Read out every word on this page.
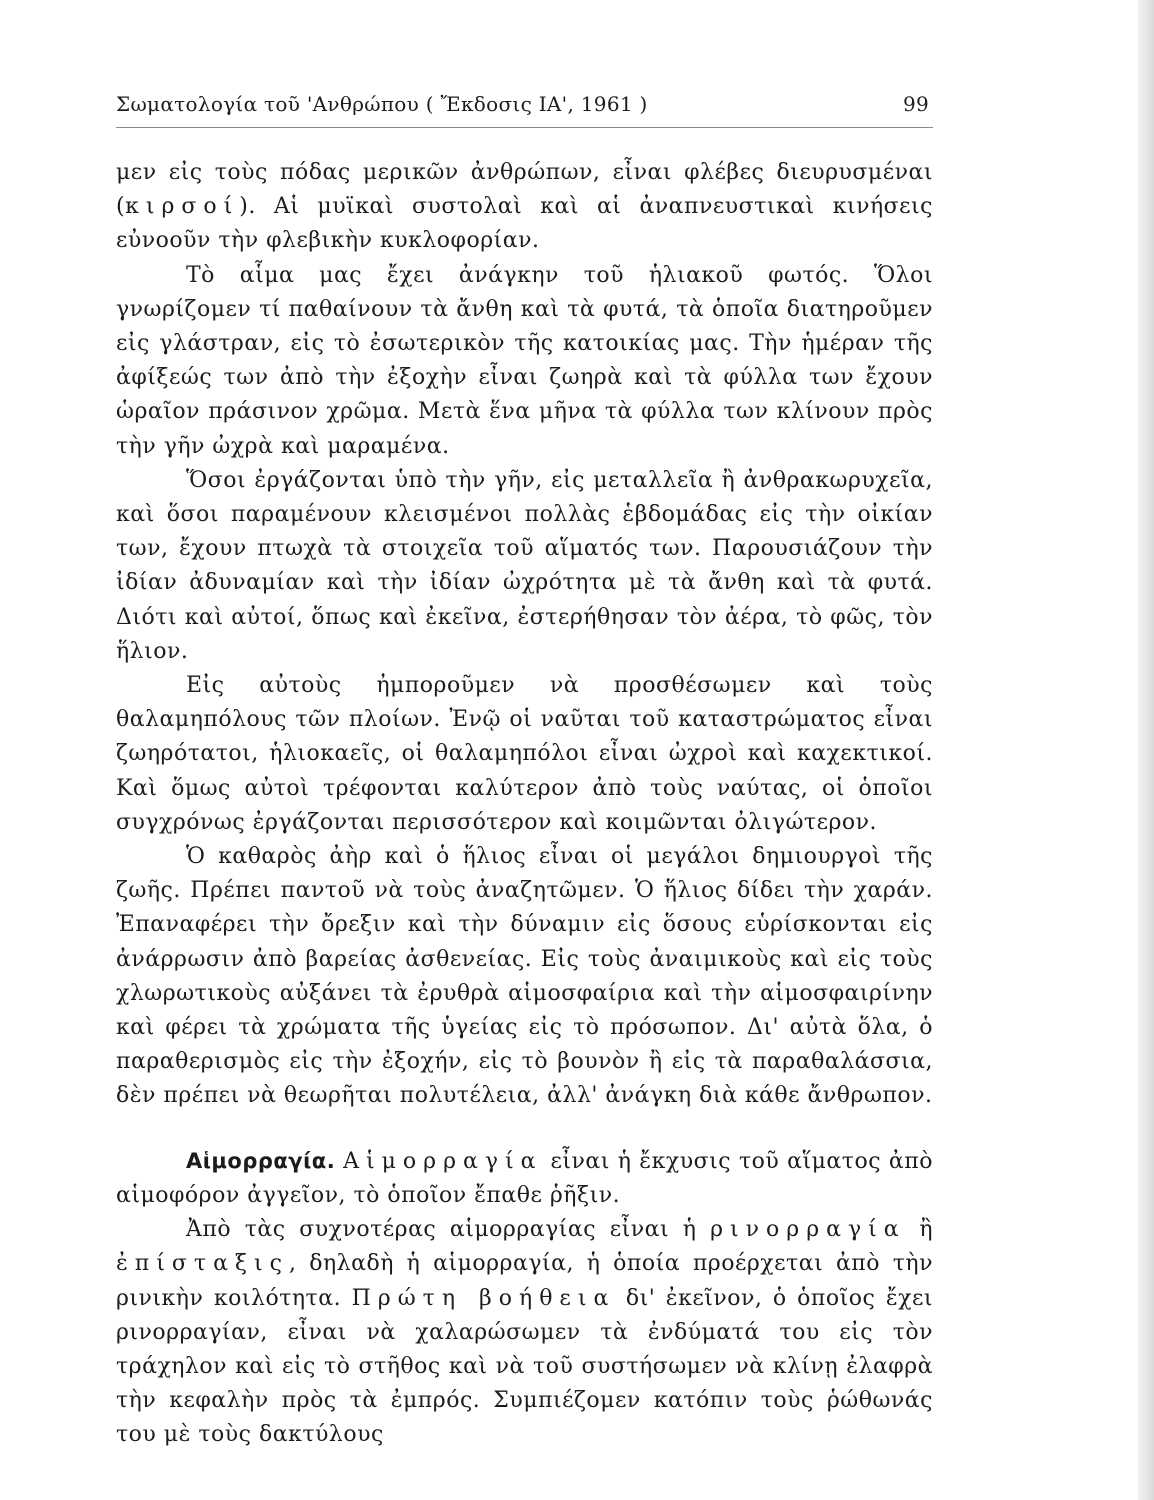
Σωματολογία τοῦ 'Ανθρώπου ( Ἔκδοσις ΙΑ', 1961 )	99

μεν εἰς τοὺς πόδας μερικῶν ἀνθρώπων, εἶναι φλέβες διευρυσμέναι (κιρσοί). Αἱ μυϊκαὶ συστολαὶ καὶ αἱ ἀναπνευστικαὶ κινήσεις εὐνοοῦν τὴν φλεβικὴν κυκλοφορίαν.

Τὸ αἷμα μας ἔχει ἀνάγκην τοῦ ἡλιακοῦ φωτός. Ὅλοι γνωρίζομεν τί παθαίνουν τὰ ἄνθη καὶ τὰ φυτά, τὰ ὁποῖα διατηροῦμεν εἰς γλάστραν, εἰς τὸ ἐσωτερικὸν τῆς κατοικίας μας. Τὴν ἡμέραν τῆς ἀφίξεώς των ἀπὸ τὴν ἐξοχὴν εἶναι ζωηρὰ καὶ τὰ φύλλα των ἔχουν ὡραῖον πράσινον χρῶμα. Μετὰ ἕνα μῆνα τὰ φύλλα των κλίνουν πρὸς τὴν γῆν ὠχρὰ καὶ μαραμένα.

Ὅσοι ἐργάζονται ὑπὸ τὴν γῆν, εἰς μεταλλεῖα ἢ ἀνθρακωρυχεῖα, καὶ ὅσοι παραμένουν κλεισμένοι πολλὰς ἑβδομάδας εἰς τὴν οἰκίαν των, ἔχουν πτωχὰ τὰ στοιχεῖα τοῦ αἵματός των. Παρουσιάζουν τὴν ἰδίαν ἀδυναμίαν καὶ τὴν ἰδίαν ὠχρότητα μὲ τὰ ἄνθη καὶ τὰ φυτά. Διότι καὶ αὐτοί, ὅπως καὶ ἐκεῖνα, ἐστερήθησαν τὸν ἀέρα, τὸ φῶς, τὸν ἥλιον.

Εἰς αὐτοὺς ἠμποροῦμεν νὰ προσθέσωμεν καὶ τοὺς θαλαμηπόλους τῶν πλοίων. Ἐνῷ οἱ ναῦται τοῦ καταστρώματος εἶναι ζωηρότατοι, ἡλιοκαεῖς, οἱ θαλαμηπόλοι εἶναι ὠχροὶ καὶ καχεκτικοί. Καὶ ὅμως αὐτοὶ τρέφονται καλύτερον ἀπὸ τοὺς ναύτας, οἱ ὁποῖοι συγχρόνως ἐργάζονται περισσότερον καὶ κοιμῶνται ὀλιγώτερον.

Ὁ καθαρὸς ἀὴρ καὶ ὁ ἥλιος εἶναι οἱ μεγάλοι δημιουργοὶ τῆς ζωῆς. Πρέπει παντοῦ νὰ τοὺς ἀναζητῶμεν. Ὁ ἥλιος δίδει τὴν χαράν. Ἐπαναφέρει τὴν ὄρεξιν καὶ τὴν δύναμιν εἰς ὅσους εὑρίσκονται εἰς ἀνάρρωσιν ἀπὸ βαρείας ἀσθενείας. Εἰς τοὺς ἀναιμικοὺς καὶ εἰς τοὺς χλωρωτικοὺς αὐξάνει τὰ ἐρυθρὰ αἱμοσφαίρια καὶ τὴν αἱμοσφαιρίνην καὶ φέρει τὰ χρώματα τῆς ὑγείας εἰς τὸ πρόσωπον. Δι' αὐτὰ ὅλα, ὁ παραθερισμὸς εἰς τὴν ἐξοχήν, εἰς τὸ βουνὸν ἢ εἰς τὰ παραθαλάσσια, δὲν πρέπει νὰ θεωρῆται πολυτέλεια, ἀλλ' ἀνάγκη διὰ κάθε ἄνθρωπον.

Αἱμορραγία. Αἱμορραγία εἶναι ἡ ἔκχυσις τοῦ αἵματος ἀπὸ αἱμοφόρον ἀγγεῖον, τὸ ὁποῖον ἔπαθε ῥῆξιν.

Ἀπὸ τὰς συχνοτέρας αἱμορραγίας εἶναι ἡ ρινορραγία ἢ ἐπίσταξις, δηλαδὴ ἡ αἱμορραγία, ἡ ὁποία προέρχεται ἀπὸ τὴν ρινικὴν κοιλότητα. Πρώτη βοήθεια δι' ἐκεῖνον, ὁ ὁποῖος ἔχει ρινορραγίαν, εἶναι νὰ χαλαρώσωμεν τὰ ἐνδύματά του εἰς τὸν τράχηλον καὶ εἰς τὸ στῆθος καὶ νὰ τοῦ συστήσωμεν νὰ κλίνῃ ἐλαφρὰ τὴν κεφαλὴν πρὸς τὰ ἐμπρός. Συμπιέζομεν κατόπιν τοὺς ῥώθωνάς του μὲ τοὺς δακτύλους
